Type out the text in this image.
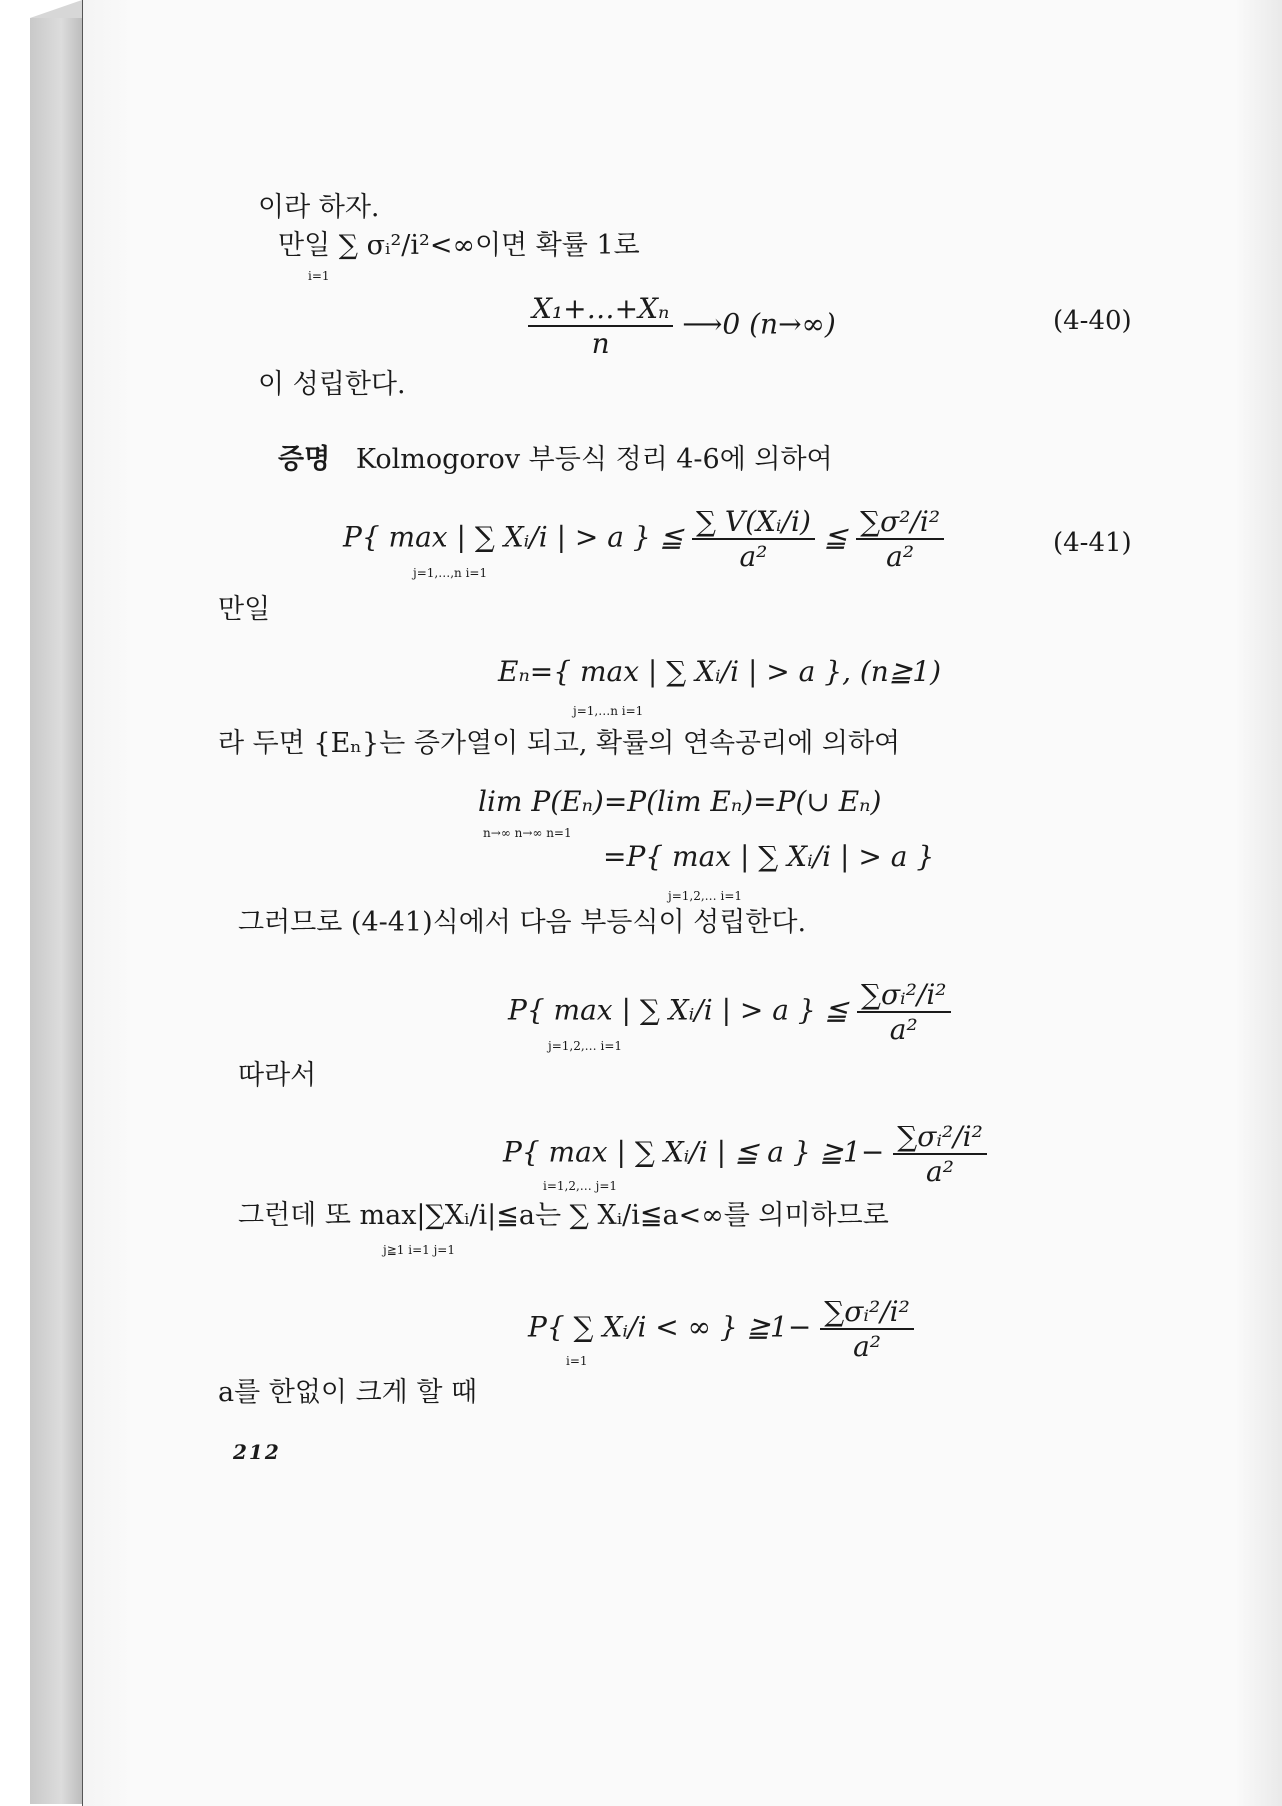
이라 하자.
만일 ∑ σᵢ²/i²<∞이면 확률 1로
i=1
$\frac{\text{X₁+…+Xₙ}}{n}$ ⟶0 (n→∞)	(4-40)
이 성립한다.
증명 Kolmogorov 부등식 정리 4-6에 의하여
P{ max | ∑ Xᵢ/i | > a } ≦ $\frac{\text{∑ V(Xᵢ/i)}}{\text{a²}}$ ≦ $\frac{\text{∑σ²/i²}}{\text{a²}}$
j=1,…,n i=1
(4-41)
만일
Eₙ={ max | ∑ Xᵢ/i | > a }, (n≧1)
j=1,…n i=1
라 두면 {Eₙ}는 증가열이 되고, 확률의 연속공리에 의하여
lim P(Eₙ)=P(lim Eₙ)=P(∪ Eₙ)
n→∞ n→∞ n=1
=P{ max | ∑ Xᵢ/i | > a }
j=1,2,… i=1
그러므로 (4-41)식에서 다음 부등식이 성립한다.
P{ max | ∑ Xᵢ/i | > a } ≦ $\frac{\text{∑σᵢ²/i²}}{\text{a²}}$
j=1,2,… i=1
따라서
P{ max | ∑ Xᵢ/i | ≦ a } ≧1− $\frac{\text{∑σᵢ²/i²}}{\text{a²}}$
i=1,2,… j=1
그런데 또 max|∑Xᵢ/i|≦a는 ∑ Xᵢ/i≦a<∞를 의미하므로
j≧1 i=1 j=1
P{ ∑ Xᵢ/i < ∞ } ≧1− $\frac{\text{∑σᵢ²/i²}}{\text{a²}}$
i=1
a를 한없이 크게 할 때
212
